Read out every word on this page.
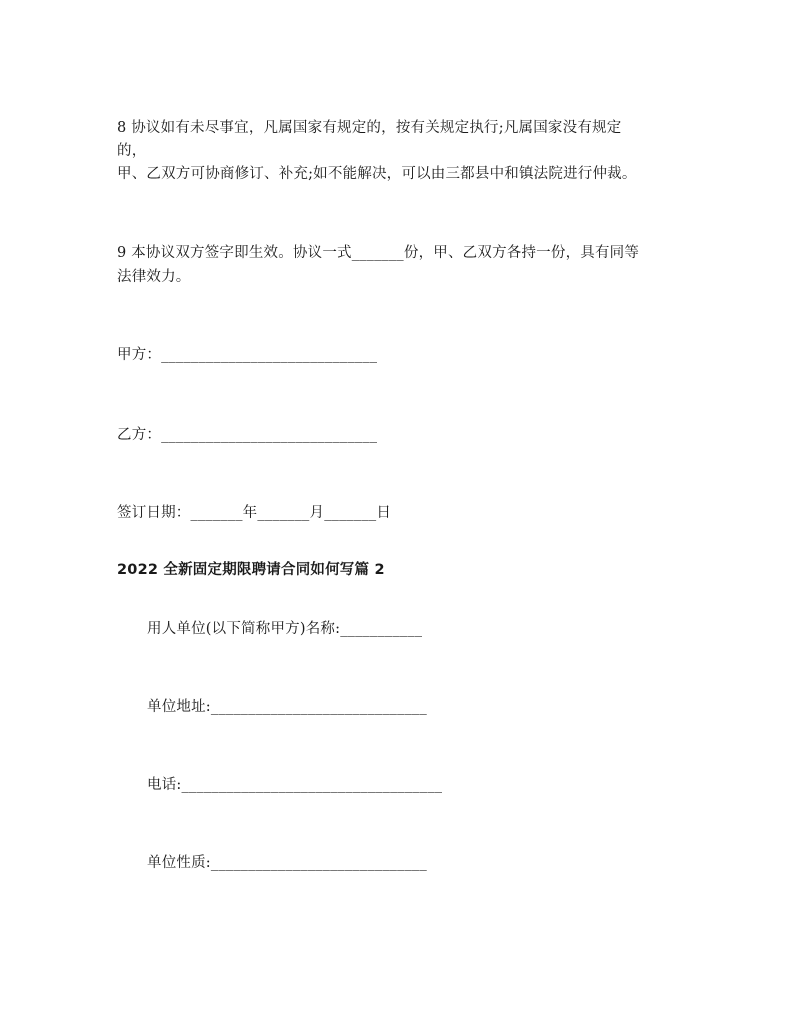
8 协议如有未尽事宜，凡属国家有规定的，按有关规定执行;凡属国家没有规定
的，
甲、乙双方可协商修订、补充;如不能解决，可以由三都县中和镇法院进行仲裁。
9 本协议双方签字即生效。协议一式_______份，甲、乙双方各持一份，具有同等
法律效力。
甲方：_____________________________
乙方：_____________________________
签订日期：_______年_______月_______日
2022 全新固定期限聘请合同如何写篇 2
用人单位(以下简称甲方)名称:___________
单位地址:_____________________________
电话:___________________________________
单位性质:_____________________________
